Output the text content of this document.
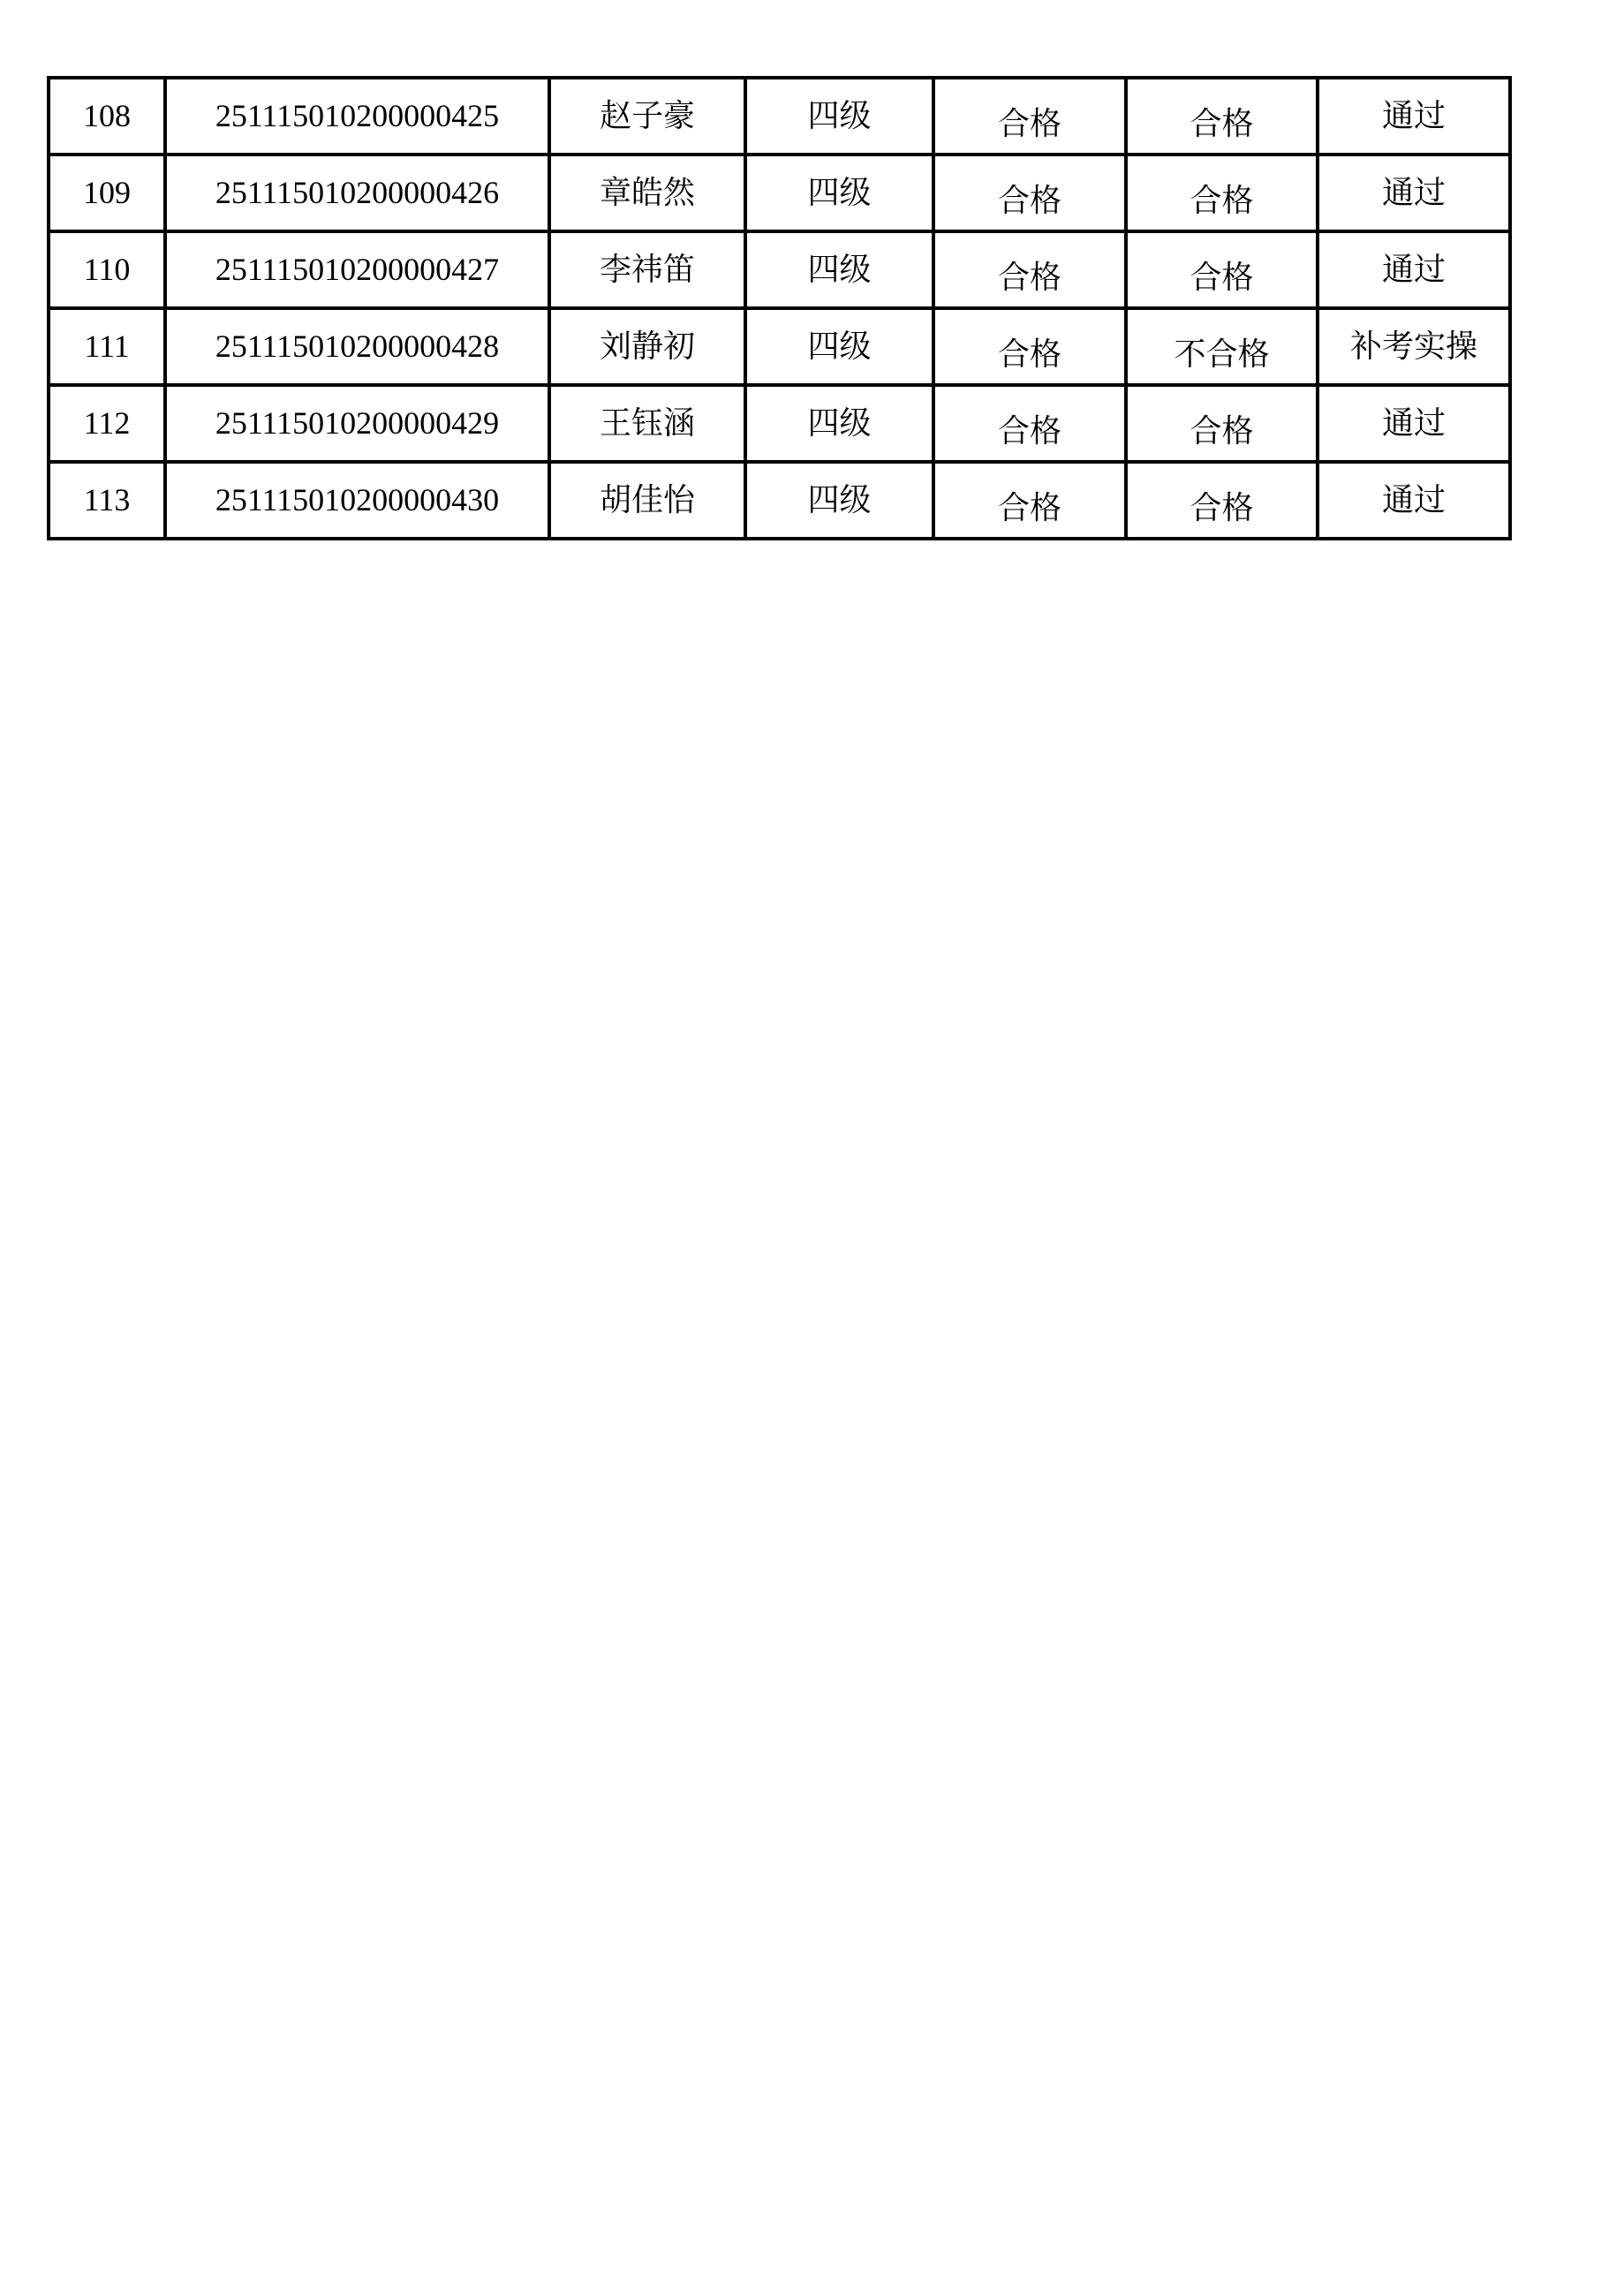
108	251115010200000425	赵子豪	四级	合格	合格	通过
109	251115010200000426	章皓然	四级	合格	合格	通过
110	251115010200000427	李祎笛	四级	合格	合格	通过
111	251115010200000428	刘静初	四级	合格	不合格	补考实操
112	251115010200000429	王钰涵	四级	合格	合格	通过
113	251115010200000430	胡佳怡	四级	合格	合格	通过
